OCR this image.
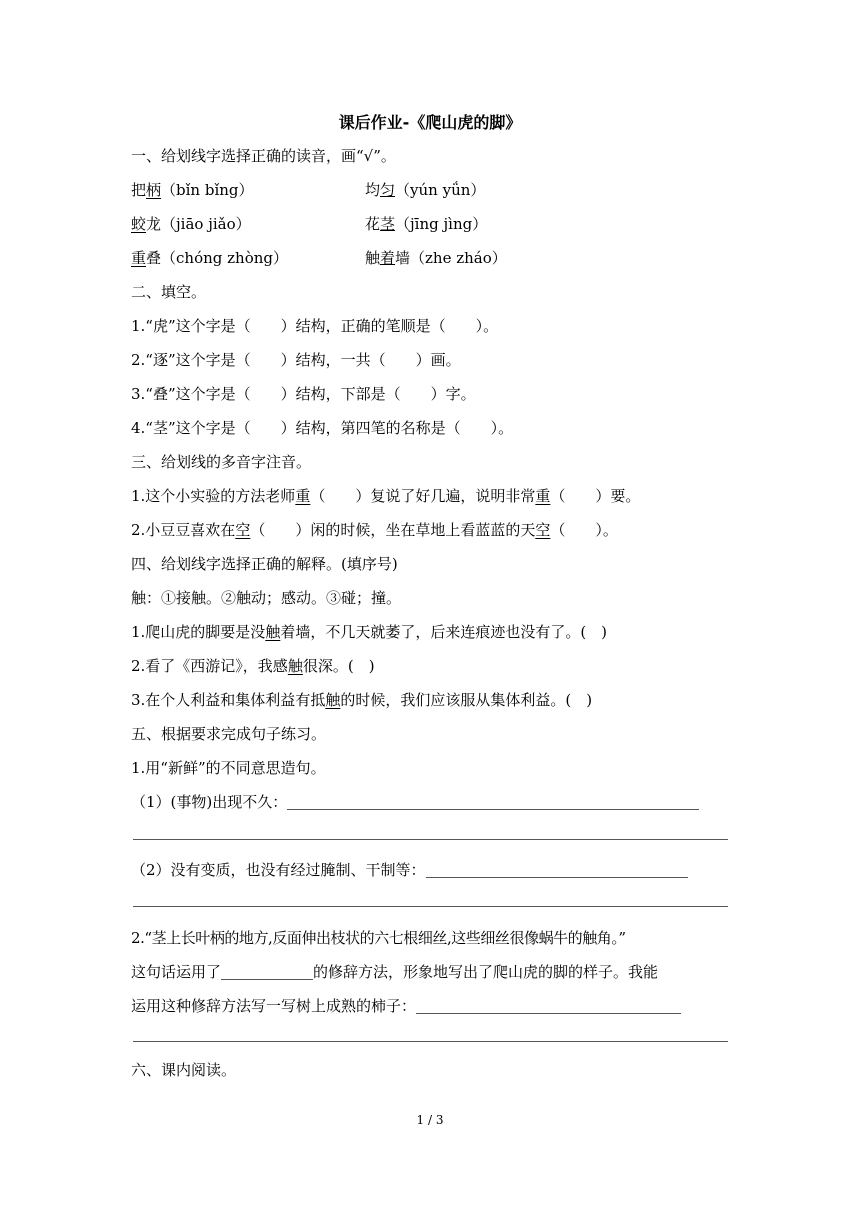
课后作业-《爬山虎的脚》
一、给划线字选择正确的读音，画“√”。
把柄（bǐn bǐng）	均匀（yún yǘn）
蛟龙（jiāo jiǎo）	花茎（jīng jìng）
重叠（chóng zhòng）	触着墙（zhe zháo）
二、填空。
1.“虎”这个字是（　　）结构，正确的笔顺是（　　）。
2.“逐”这个字是（　　）结构，一共（　　）画。
3.“叠”这个字是（　　）结构，下部是（　　）字。
4.“茎”这个字是（　　）结构，第四笔的名称是（　　）。
三、给划线的多音字注音。
1.这个小实验的方法老师重（　　）复说了好几遍，说明非常重（　　）要。
2.小豆豆喜欢在空（　　）闲的时候，坐在草地上看蓝蓝的天空（　　）。
四、给划线字选择正确的解释。(填序号)
触：①接触。②触动；感动。③碰；撞。
1.爬山虎的脚要是没触着墙，不几天就萎了，后来连痕迹也没有了。(　)
2.看了《西游记》，我感触很深。(　)
3.在个人利益和集体利益有抵触的时候，我们应该服从集体利益。(　)
五、根据要求完成句子练习。
1.用“新鲜”的不同意思造句。
（1）(事物)出现不久：
（2）没有变质，也没有经过腌制、干制等：
2.“茎上长叶柄的地方,反面伸出枝状的六七根细丝,这些细丝很像蜗牛的触角。”
这句话运用了	的修辞方法，形象地写出了爬山虎的脚的样子。我能
运用这种修辞方法写一写树上成熟的柿子：
六、课内阅读。
1 / 3
